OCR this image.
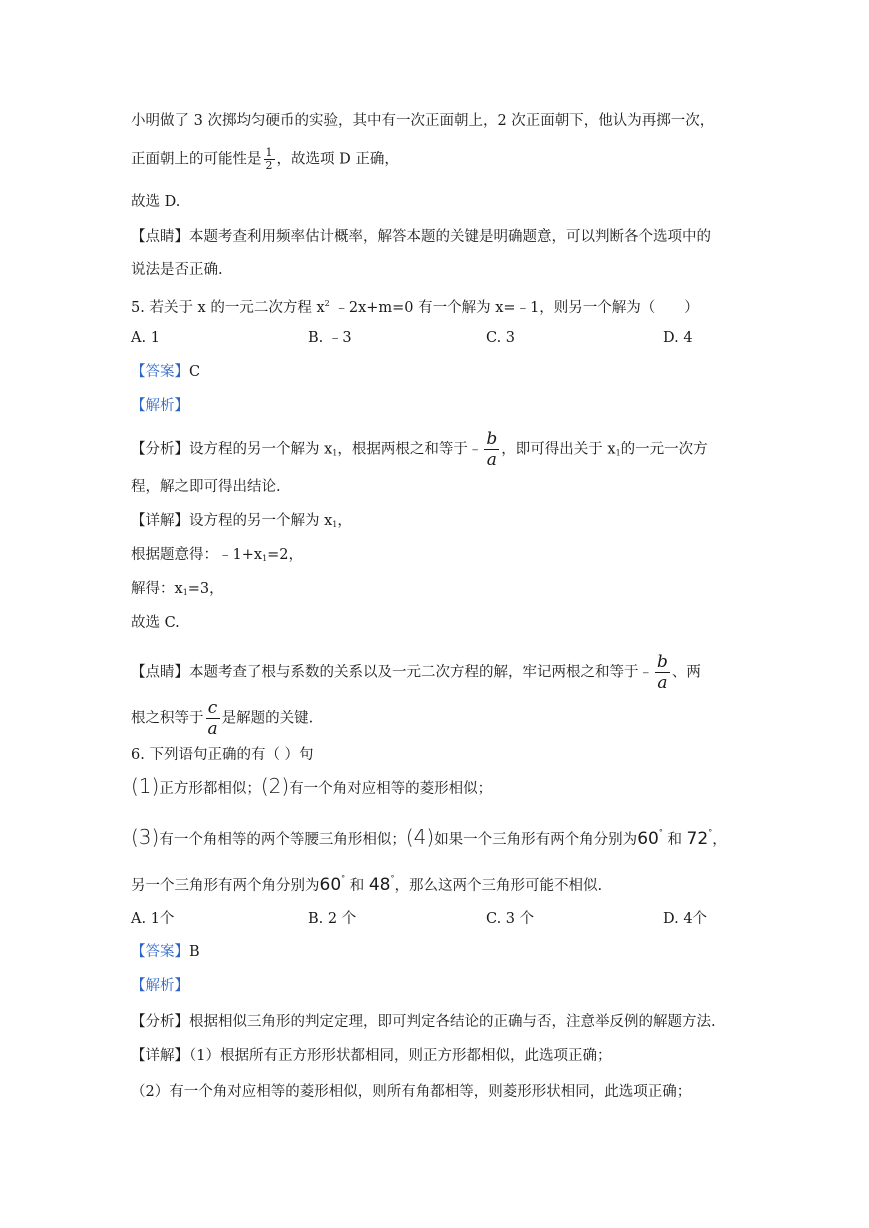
小明做了 3 次掷均匀硬币的实验，其中有一次正面朝上，2 次正面朝下，他认为再掷一次，
正面朝上的可能性是 $\frac{1}{2}$ ，故选项 D 正确，
故选 D.
【点睛】本题考查利用频率估计概率，解答本题的关键是明确题意，可以判断各个选项中的
说法是否正确.
5. 若关于 x 的一元二次方程 $x^2$ ﹣2x+m=0 有一个解为 x=﹣1，则另一个解为（　　）
A. 1	B. ﹣3	C. 3	D. 4
【答案】C
【解析】
【分析】设方程的另一个解为 $x_1$，根据两根之和等于﹣ $\frac{b}{a}$ ，即可得出关于 $x_1$的一元一次方
程，解之即可得出结论.
【详解】设方程的另一个解为 $x_1$，
根据题意得：$﹣1+x_1=2$，
解得：$x_1=3$，
故选 C.
【点睛】本题考查了根与系数的关系以及一元二次方程的解，牢记两根之和等于﹣ $\frac{b}{a}$ 、两
根之积等于 $\frac{c}{a}$ 是解题的关键.
6. 下列语句正确的有（ ）句
(1)正方形都相似；(2)有一个角对应相等的菱形相似；
(3)有一个角相等的两个等腰三角形相似；(4)如果一个三角形有两个角分别为60° 和 72°，
另一个三角形有两个角分别为60° 和 48°，那么这两个三角形可能不相似.
A. 1个	B. 2 个	C. 3 个	D. 4个
【答案】B
【解析】
【分析】根据相似三角形的判定定理，即可判定各结论的正确与否，注意举反例的解题方法.
【详解】（1）根据所有正方形形状都相同，则正方形都相似，此选项正确；
（2）有一个角对应相等的菱形相似，则所有角都相等，则菱形形状相同，此选项正确；
